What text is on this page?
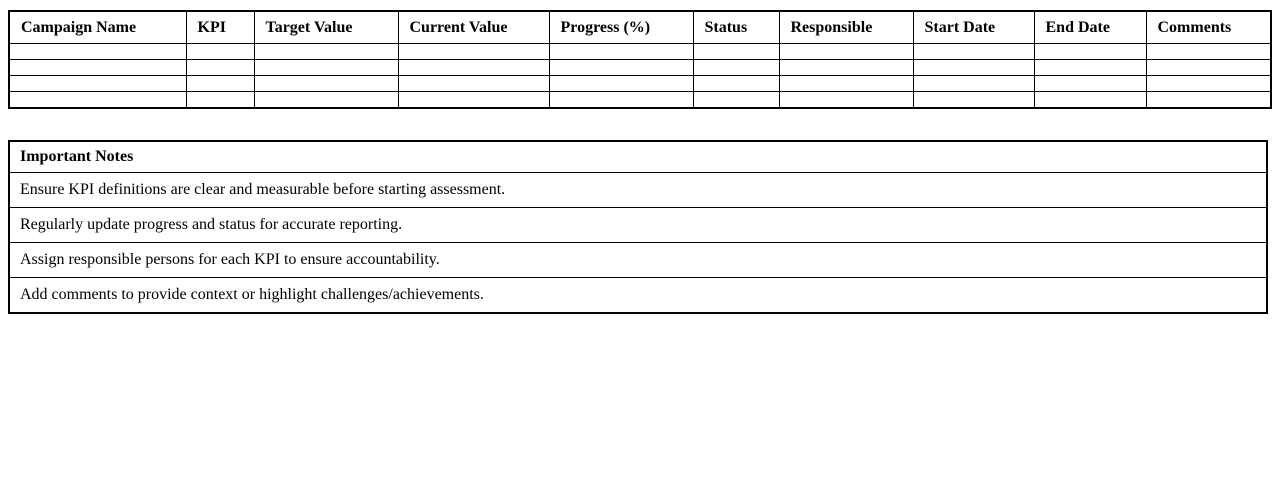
Campaign Name	KPI	Target Value	Current Value	Progress (%)	Status	Responsible	Start Date	End Date	Comments

Important Notes
Ensure KPI definitions are clear and measurable before starting assessment.
Regularly update progress and status for accurate reporting.
Assign responsible persons for each KPI to ensure accountability.
Add comments to provide context or highlight challenges/achievements.
